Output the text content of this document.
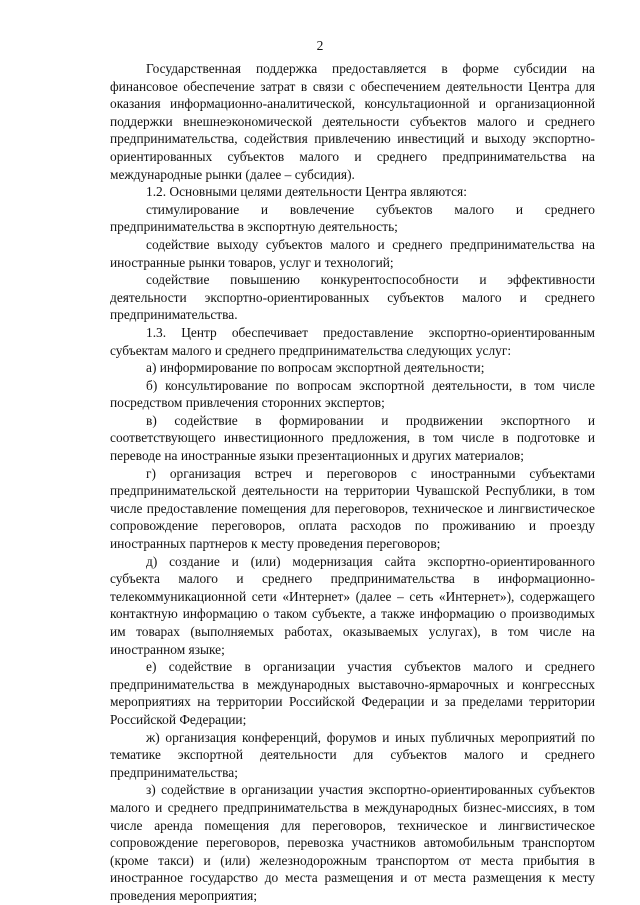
2

Государственная поддержка предоставляется в форме субсидии на финансовое обеспечение затрат в связи с обеспечением деятельности Центра для оказания информационно-аналитической, консультационной и организационной поддержки внешнеэкономической деятельности субъектов малого и среднего предпринимательства, содействия привлечению инвестиций и выходу экспортно-ориентированных субъектов малого и среднего предпринимательства на международные рынки (далее – субсидия).

1.2. Основными целями деятельности Центра являются:

стимулирование и вовлечение субъектов малого и среднего предпринимательства в экспортную деятельность;

содействие выходу субъектов малого и среднего предпринимательства на иностранные рынки товаров, услуг и технологий;

содействие повышению конкурентоспособности и эффективности деятельности экспортно-ориентированных субъектов малого и среднего предпринимательства.

1.3. Центр обеспечивает предоставление экспортно-ориентированным субъектам малого и среднего предпринимательства следующих услуг:

а) информирование по вопросам экспортной деятельности;

б) консультирование по вопросам экспортной деятельности, в том числе посредством привлечения сторонних экспертов;

в) содействие в формировании и продвижении экспортного и соответствующего инвестиционного предложения, в том числе в подготовке и переводе на иностранные языки презентационных и других материалов;

г) организация встреч и переговоров с иностранными субъектами предпринимательской деятельности на территории Чувашской Республики, в том числе предоставление помещения для переговоров, техническое и лингвистическое сопровождение переговоров, оплата расходов по проживанию и проезду иностранных партнеров к месту проведения переговоров;

д) создание и (или) модернизация сайта экспортно-ориентированного субъекта малого и среднего предпринимательства в информационно-телекоммуникационной сети «Интернет» (далее – сеть «Интернет»), содержащего контактную информацию о таком субъекте, а также информацию о производимых им товарах (выполняемых работах, оказываемых услугах), в том числе на иностранном языке;

е) содействие в организации участия субъектов малого и среднего предпринимательства в международных выставочно-ярмарочных и конгрессных мероприятиях на территории Российской Федерации и за пределами территории Российской Федерации;

ж) организация конференций, форумов и иных публичных мероприятий по тематике экспортной деятельности для субъектов малого и среднего предпринимательства;

з) содействие в организации участия экспортно-ориентированных субъектов малого и среднего предпринимательства в международных бизнес-миссиях, в том числе аренда помещения для переговоров, техническое и лингвистическое сопровождение переговоров, перевозка участников автомобильным транспортом (кроме такси) и (или) железнодорожным транспортом от места прибытия в иностранное государство до места размещения и от места размещения к месту проведения мероприятия;
